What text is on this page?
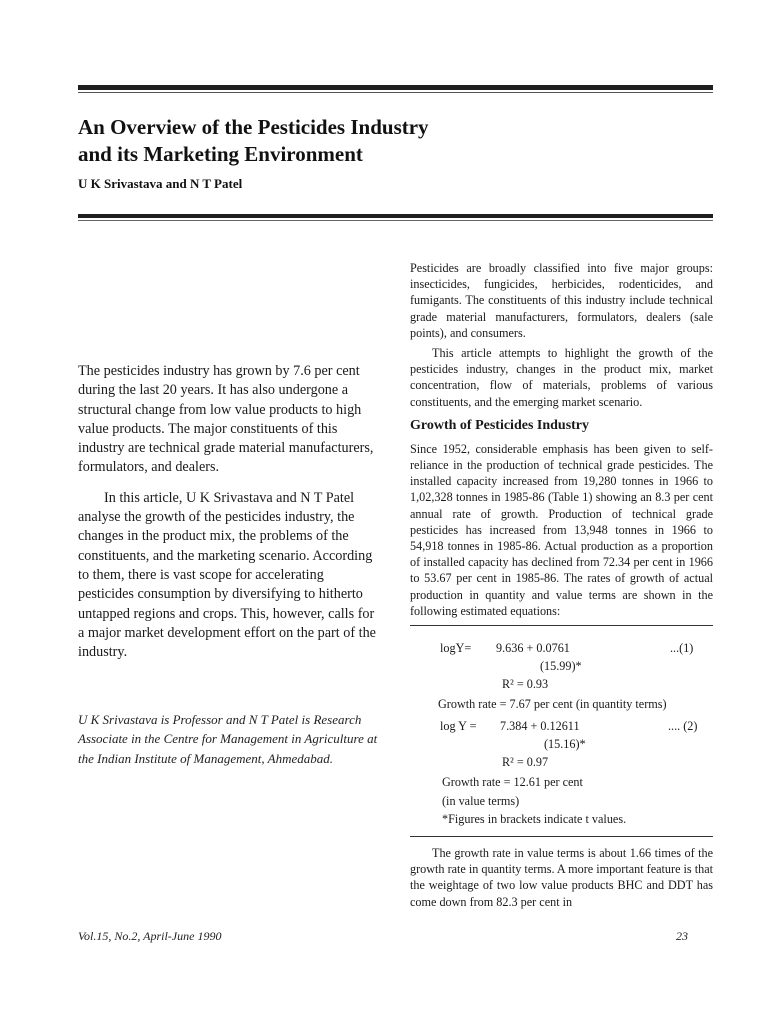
An Overview of the Pesticides Industry
and its Marketing Environment
U K Srivastava and N T Patel

The pesticides industry has grown by 7.6 per cent during the last 20 years. It has also undergone a structural change from low value products to high value products. The major constituents of this industry are technical grade material manufacturers, formulators, and dealers.

In this article, U K Srivastava and N T Patel analyse the growth of the pesticides industry, the changes in the product mix, the problems of the constituents, and the marketing scenario. According to them, there is vast scope for accelerating pesticides consumption by diversifying to hitherto untapped regions and crops. This, however, calls for a major market development effort on the part of the industry.

U K Srivastava is Professor and N T Patel is Research Associate in the Centre for Management in Agriculture at the Indian Institute of Management, Ahmedabad.

Pesticides are broadly classified into five major groups: insecticides, fungicides, herbicides, rodenticides, and fumigants. The constituents of this industry include technical grade material manufacturers, formulators, dealers (sale points), and consumers.

This article attempts to highlight the growth of the pesticides industry, changes in the product mix, market concentration, flow of materials, problems of various constituents, and the emerging market scenario.

Growth of Pesticides Industry

Since 1952, considerable emphasis has been given to self-reliance in the production of technical grade pesticides. The installed capacity increased from 19,280 tonnes in 1966 to 1,02,328 tonnes in 1985-86 (Table 1) showing an 8.3 per cent annual rate of growth. Production of technical grade pesticides has increased from 13,948 tonnes in 1966 to 54,918 tonnes in 1985-86. Actual production as a proportion of installed capacity has declined from 72.34 per cent in 1966 to 53.67 per cent in 1985-86. The rates of growth of actual production in quantity and value terms are shown in the following estimated equations:

logY= 9.636 + 0.0761	...(1)
(15.99)*
R² = 0.93
Growth rate = 7.67 per cent (in quantity terms)
log Y = 7.384 + 0.12611	.... (2)
(15.16)*
R² = 0.97
Growth rate = 12.61 per cent
(in value terms)
*Figures in brackets indicate t values.

The growth rate in value terms is about 1.66 times of the growth rate in quantity terms. A more important feature is that the weightage of two low value products BHC and DDT has come down from 82.3 per cent in

Vol.15, No.2, April-June 1990	23
